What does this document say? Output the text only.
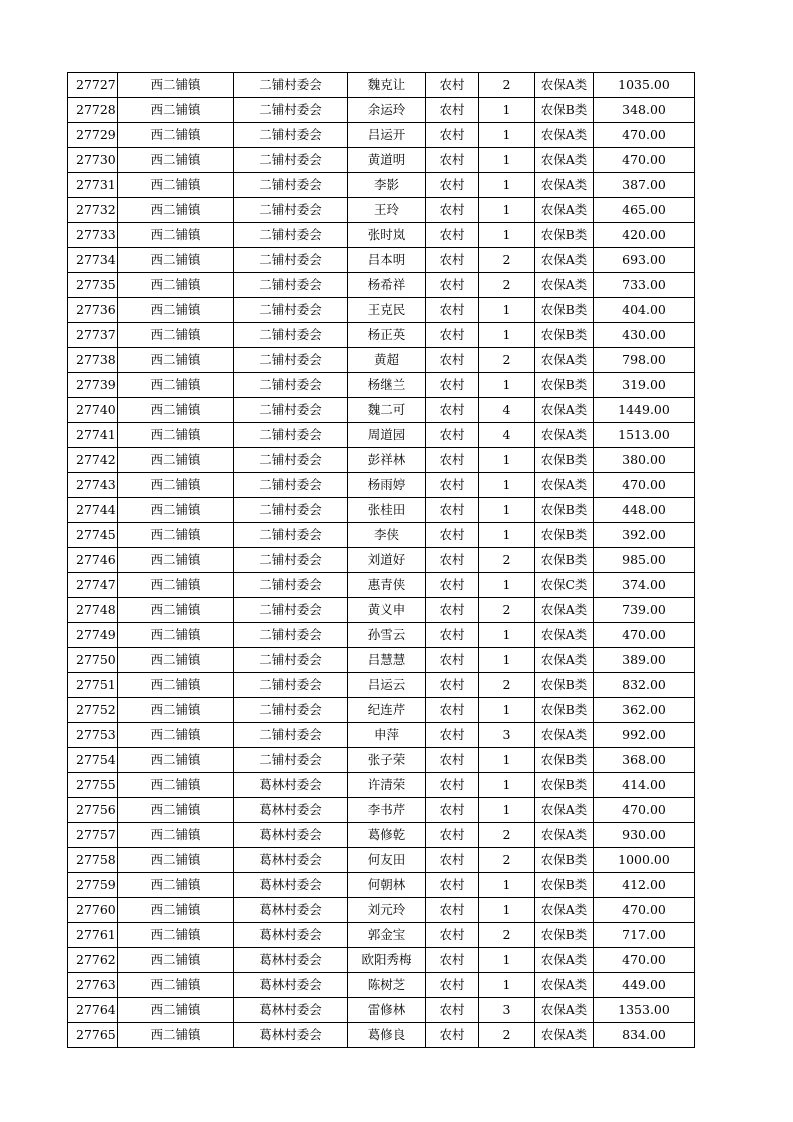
27727	西二铺镇	二铺村委会	魏克让	农村	2	农保A类	1035.00
27728	西二铺镇	二铺村委会	余运玲	农村	1	农保B类	348.00
27729	西二铺镇	二铺村委会	吕运开	农村	1	农保A类	470.00
27730	西二铺镇	二铺村委会	黄道明	农村	1	农保A类	470.00
27731	西二铺镇	二铺村委会	李影	农村	1	农保A类	387.00
27732	西二铺镇	二铺村委会	王玲	农村	1	农保A类	465.00
27733	西二铺镇	二铺村委会	张时岚	农村	1	农保B类	420.00
27734	西二铺镇	二铺村委会	吕本明	农村	2	农保A类	693.00
27735	西二铺镇	二铺村委会	杨希祥	农村	2	农保A类	733.00
27736	西二铺镇	二铺村委会	王克民	农村	1	农保B类	404.00
27737	西二铺镇	二铺村委会	杨正英	农村	1	农保B类	430.00
27738	西二铺镇	二铺村委会	黄超	农村	2	农保A类	798.00
27739	西二铺镇	二铺村委会	杨继兰	农村	1	农保B类	319.00
27740	西二铺镇	二铺村委会	魏二可	农村	4	农保A类	1449.00
27741	西二铺镇	二铺村委会	周道园	农村	4	农保A类	1513.00
27742	西二铺镇	二铺村委会	彭祥林	农村	1	农保B类	380.00
27743	西二铺镇	二铺村委会	杨雨婷	农村	1	农保A类	470.00
27744	西二铺镇	二铺村委会	张桂田	农村	1	农保B类	448.00
27745	西二铺镇	二铺村委会	李侠	农村	1	农保B类	392.00
27746	西二铺镇	二铺村委会	刘道好	农村	2	农保B类	985.00
27747	西二铺镇	二铺村委会	惠青侠	农村	1	农保C类	374.00
27748	西二铺镇	二铺村委会	黄义申	农村	2	农保A类	739.00
27749	西二铺镇	二铺村委会	孙雪云	农村	1	农保A类	470.00
27750	西二铺镇	二铺村委会	吕慧慧	农村	1	农保A类	389.00
27751	西二铺镇	二铺村委会	吕运云	农村	2	农保B类	832.00
27752	西二铺镇	二铺村委会	纪连芹	农村	1	农保B类	362.00
27753	西二铺镇	二铺村委会	申萍	农村	3	农保A类	992.00
27754	西二铺镇	二铺村委会	张子荣	农村	1	农保B类	368.00
27755	西二铺镇	葛林村委会	许清荣	农村	1	农保B类	414.00
27756	西二铺镇	葛林村委会	李书芹	农村	1	农保A类	470.00
27757	西二铺镇	葛林村委会	葛修乾	农村	2	农保A类	930.00
27758	西二铺镇	葛林村委会	何友田	农村	2	农保B类	1000.00
27759	西二铺镇	葛林村委会	何朝林	农村	1	农保B类	412.00
27760	西二铺镇	葛林村委会	刘元玲	农村	1	农保A类	470.00
27761	西二铺镇	葛林村委会	郭金宝	农村	2	农保B类	717.00
27762	西二铺镇	葛林村委会	欧阳秀梅	农村	1	农保A类	470.00
27763	西二铺镇	葛林村委会	陈树芝	农村	1	农保A类	449.00
27764	西二铺镇	葛林村委会	雷修林	农村	3	农保A类	1353.00
27765	西二铺镇	葛林村委会	葛修良	农村	2	农保A类	834.00
